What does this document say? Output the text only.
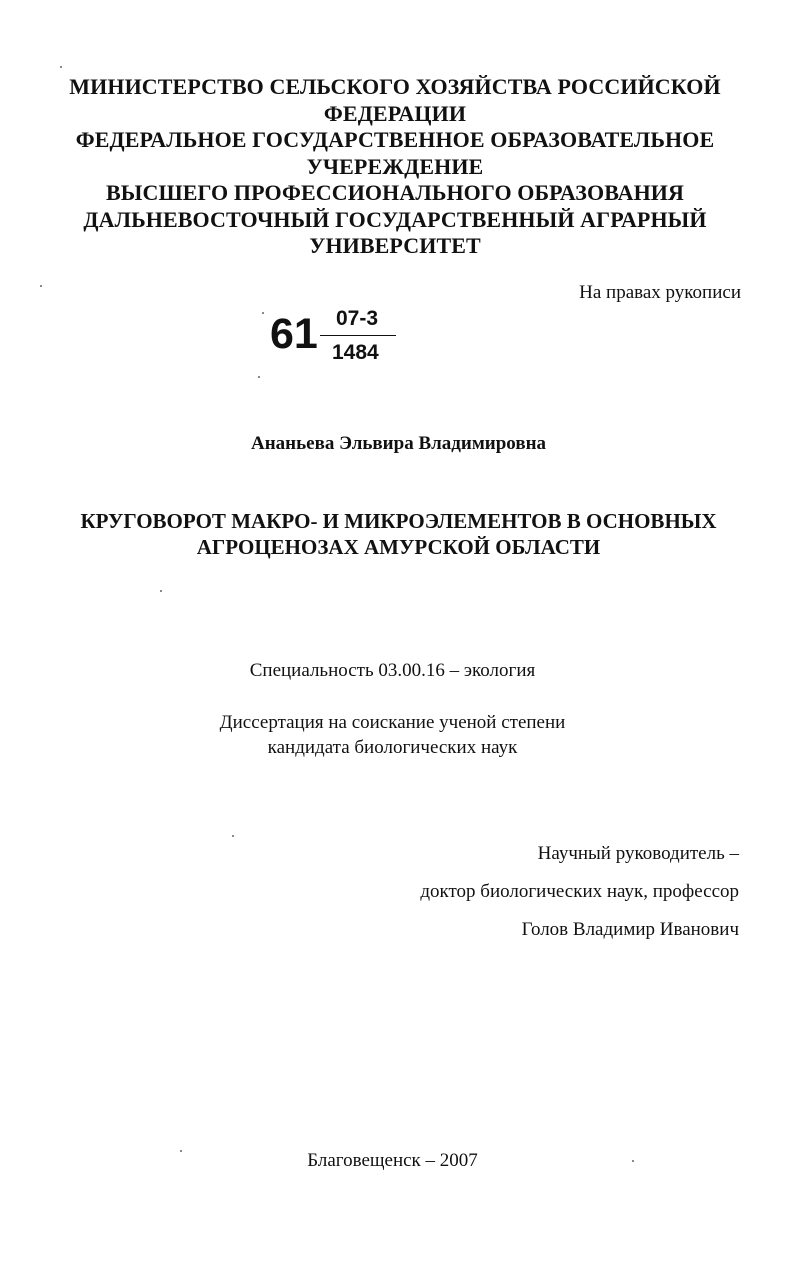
МИНИСТЕРСТВО СЕЛЬСКОГО ХОЗЯЙСТВА РОССИЙСКОЙ
ФЕДЕРАЦИИ
ФЕДЕРАЛЬНОЕ ГОСУДАРСТВЕННОЕ ОБРАЗОВАТЕЛЬНОЕ
УЧЕРЕЖДЕНИЕ
ВЫСШЕГО ПРОФЕССИОНАЛЬНОГО ОБРАЗОВАНИЯ
ДАЛЬНЕВОСТОЧНЫЙ ГОСУДАРСТВЕННЫЙ АГРАРНЫЙ
УНИВЕРСИТЕТ
На правах рукописи
61 07-3
1484
Ананьева Эльвира Владимировна
КРУГОВОРОТ МАКРО- И МИКРОЭЛЕМЕНТОВ В ОСНОВНЫХ
АГРОЦЕНОЗАХ АМУРСКОЙ ОБЛАСТИ
Специальность 03.00.16 – экология
Диссертация на соискание ученой степени
кандидата биологических наук
Научный руководитель –
доктор биологических наук, профессор
Голов Владимир Иванович
Благовещенск – 2007
